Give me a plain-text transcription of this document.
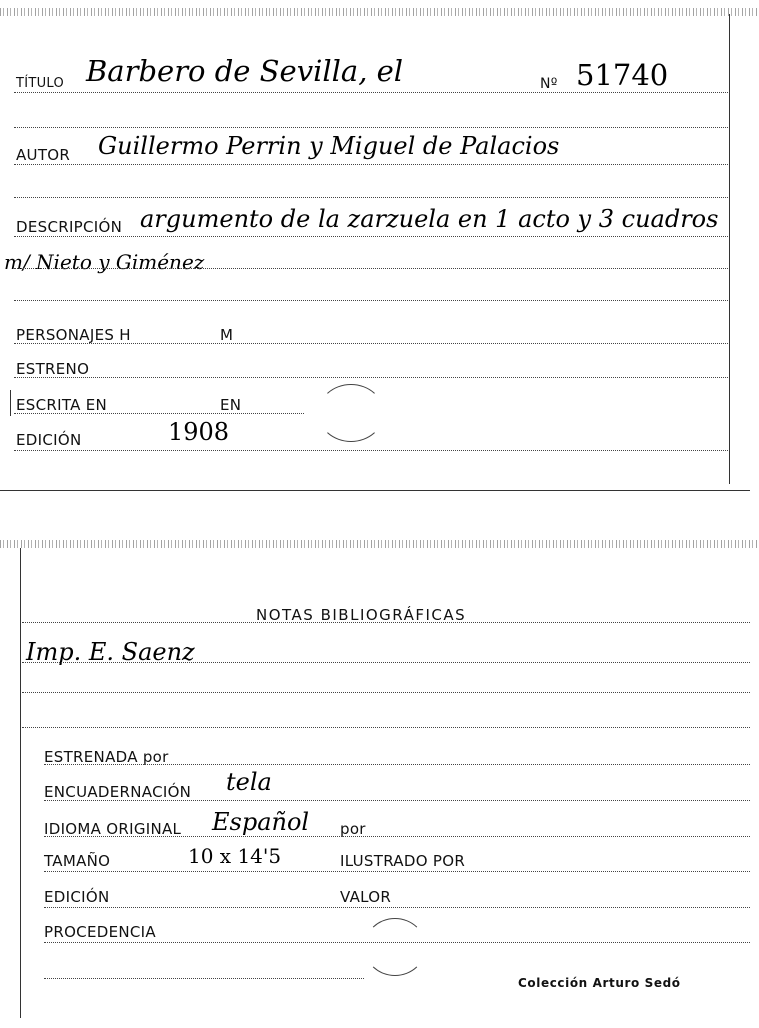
TÍTULO Barbero de Sevilla, el	Nº 51740
AUTOR Guillermo Perrin y Miguel de Palacios
DESCRIPCIÓN argumento de la zarzuela en 1 acto y 3 cuadros
m/ Nieto y Giménez
PERSONAJES H	M
ESTRENO
ESCRITA EN	EN
EDICIÓN	1908
NOTAS BIBLIOGRÁFICAS
Imp. E. Saenz
ESTRENADA por
ENCUADERNACIÓN tela
IDIOMA ORIGINAL Español por
TAMAÑO	10 x 14'5	ILUSTRADO POR
EDICIÓN	VALOR
PROCEDENCIA
Colección Arturo Sedó
